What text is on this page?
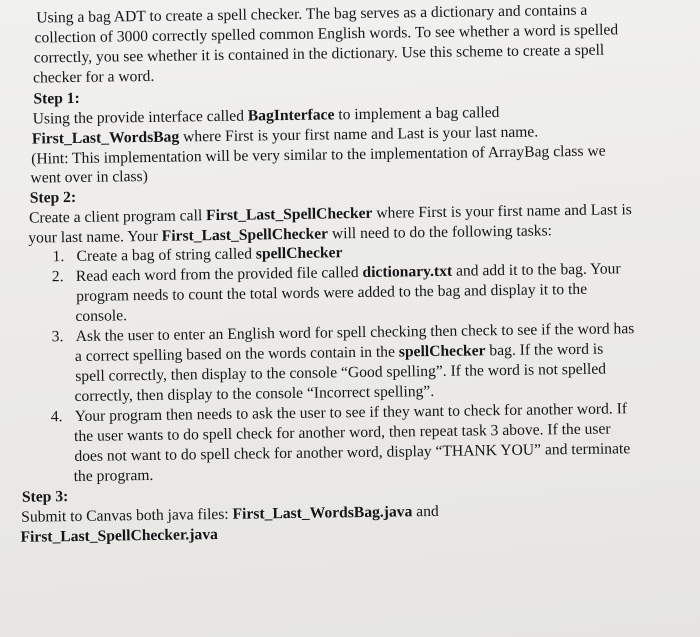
Using a bag ADT to create a spell checker. The bag serves as a dictionary and contains a
collection of 3000 correctly spelled common English words. To see whether a word is spelled
correctly, you see whether it is contained in the dictionary. Use this scheme to create a spell
checker for a word.
Step 1:
Using the provide interface called BagInterface to implement a bag called
First_Last_WordsBag where First is your first name and Last is your last name.
(Hint: This implementation will be very similar to the implementation of ArrayBag class we
went over in class)
Step 2:
Create a client program call First_Last_SpellChecker where First is your first name and Last is
your last name. Your First_Last_SpellChecker will need to do the following tasks:
1. Create a bag of string called spellChecker
2. Read each word from the provided file called dictionary.txt and add it to the bag. Your
program needs to count the total words were added to the bag and display it to the
console.
3. Ask the user to enter an English word for spell checking then check to see if the word has
a correct spelling based on the words contain in the spellChecker bag. If the word is
spell correctly, then display to the console “Good spelling”. If the word is not spelled
correctly, then display to the console “Incorrect spelling”.
4. Your program then needs to ask the user to see if they want to check for another word. If
the user wants to do spell check for another word, then repeat task 3 above. If the user
does not want to do spell check for another word, display “THANK YOU” and terminate
the program.
Step 3:
Submit to Canvas both java files: First_Last_WordsBag.java and
First_Last_SpellChecker.java
